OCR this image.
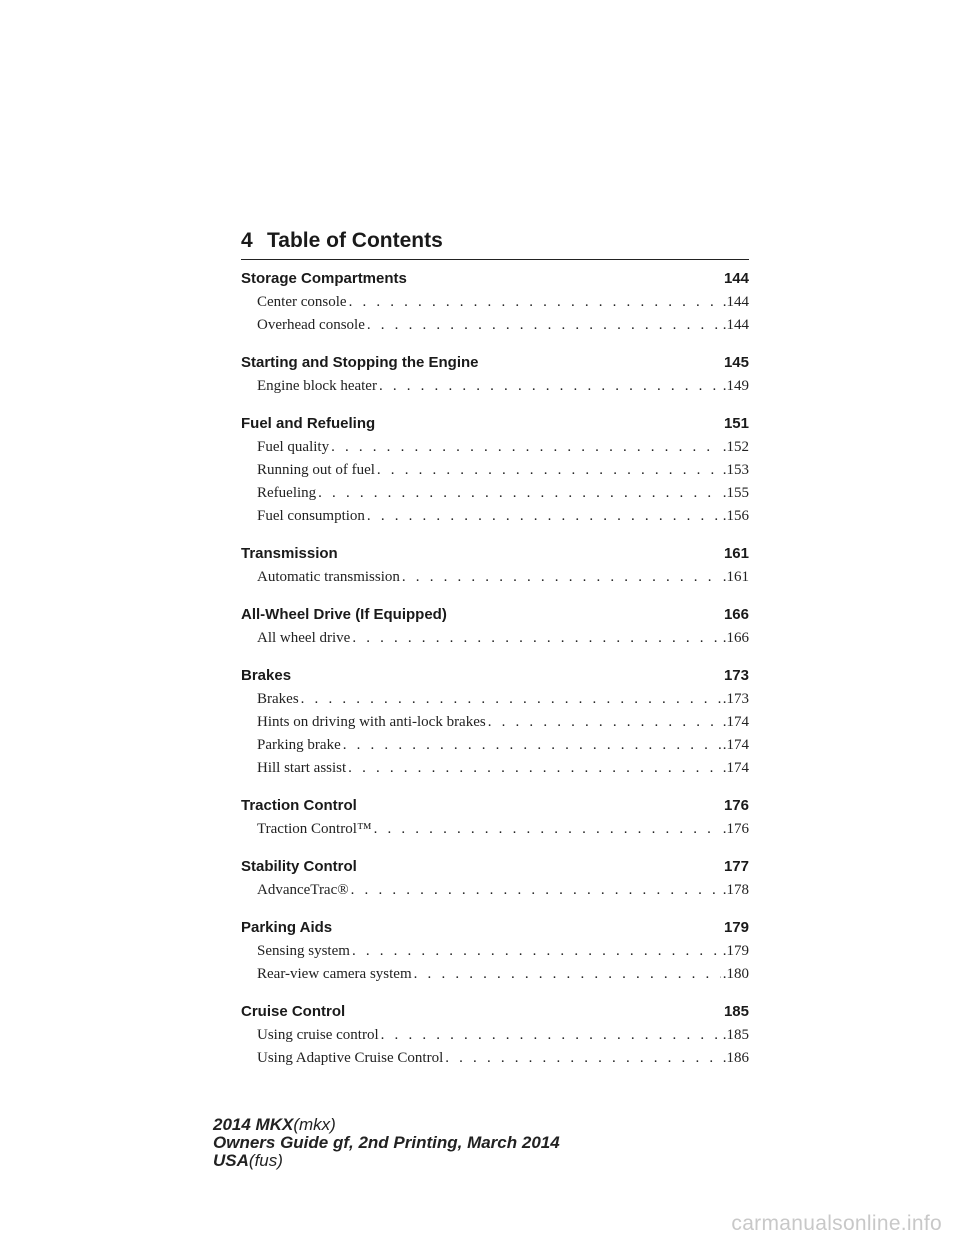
4 Table of Contents
Storage Compartments	144
Center console . . .	.144
Overhead console . . .	.144
Starting and Stopping the Engine	145
Engine block heater . . .	.149
Fuel and Refueling	151
Fuel quality . . .	.152
Running out of fuel . . .	.153
Refueling . . .	.155
Fuel consumption . . .	.156
Transmission	161
Automatic transmission . . .	.161
All-Wheel Drive (If Equipped)	166
All wheel drive . . .	.166
Brakes	173
Brakes . . .	.173
Hints on driving with anti-lock brakes . . .	.174
Parking brake . . .	.174
Hill start assist . . .	.174
Traction Control	176
Traction Control™ . . .	.176
Stability Control	177
AdvanceTrac® . . .	.178
Parking Aids	179
Sensing system . . .	.179
Rear-view camera system . . .	.180
Cruise Control	185
Using cruise control . . .	.185
Using Adaptive Cruise Control . . .	.186
2014 MKX(mkx)
Owners Guide gf, 2nd Printing, March 2014
USA(fus)
carmanualsonline.info
